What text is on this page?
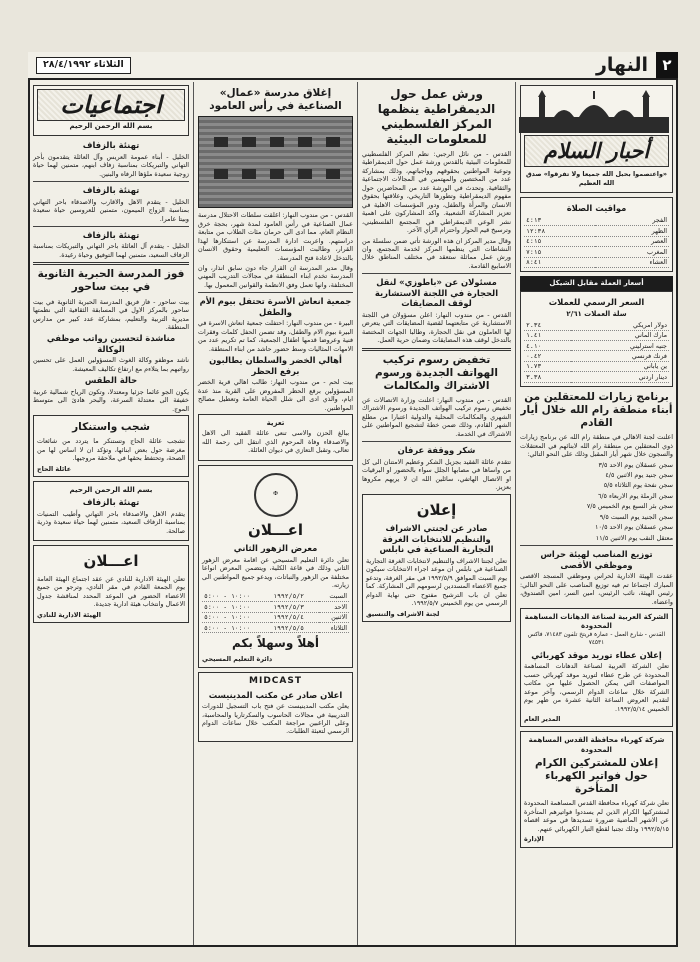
٢
النهار
الثلاثاء ٢٨/٤/١٩٩٢
أحبار السلام

«واعتصموا بحبل الله جميعا ولا تفرقوا» صدق الله العظيم

مواقيت الصلاة
الفجر	٤:١٣
الظهر	١٢:٣٨
العصر	٤:١٥
المغرب	٧:١٥
العشاء	٨:٤١
أسعار العملة مقابل الشيكل
السعر الرسمي للعملات
سلة العملات ٢/٦١
دولار امريكي	٢.٣٤
مارك الماني	١.٤١
جنيه استرليني	٤.١٠
فرنك فرنسي	٠.٤٢
ين ياباني	١.٧٣
دينار اردني	٣.٣٨
برنامج زيارات للمعتقلين من أبناء منطقة رام الله خلال أيار القادم

اعلنت لجنة الاهالي في منطقة رام الله عن برنامج زيارات ذوي المعتقلين من منطقة رام الله لابنائهم في المعتقلات والسجون خلال شهر أيار المقبل وذلك على النحو التالي:

سجن عسقلان يوم الاحد ٣/٥

سجن جنيد يوم الاثنين ٤/٥

سجن نفحة يوم الثلاثاء ٥/٥

سجن الرملة يوم الاربعاء ٦/٥

سجن بئر السبع يوم الخميس ٧/٥

سجن الجنيد يوم السبت ٩/٥

سجن عسقلان يوم الاحد ١٠/٥

معتقل النقب يوم الاثنين ١١/٥

توزيع المناصب لهيئة حراس وموظفي الأقصى

عقدت الهيئة الادارية لحراس وموظفي المسجد الاقصى المبارك اجتماعا تم فيه توزيع المناصب على النحو التالي: رئيس الهيئة، نائب الرئيس، امين السر، امين الصندوق، واعضاء.

الشركة العربية لصناعة الدهانات المساهمة المحدودة

القدس - شارع العمل - عمارة فريتخ تلفون ٧١٤٨٣، فاكس ٧٤٥٣١

إعلان عطاء توريد موقد كهربائي

تعلن الشركة العربية لصناعة الدهانات المساهمة المحدودة عن طرح عطاء لتوريد موقد كهربائي حسب المواصفات التي يمكن الحصول عليها من مكاتب الشركة خلال ساعات الدوام الرسمي، وآخر موعد لتقديم العروض الساعة الثانية عشرة من ظهر يوم الخميس ١٩٩٢/٥/١٤.

المدير العام
شركة كهرباء محافظة القدس المساهمة المحدودة
إعلان للمشتركين الكرام حول فواتير الكهرباء المتأخرة

تعلن شركة كهرباء محافظة القدس المساهمة المحدودة لمشتركيها الكرام الذين لم يسددوا فواتيرهم المتأخرة عن الاشهر الماضية ضرورة تسديدها في موعد اقصاه ١٩٩٢/٥/١٥ وذلك تجنبا لقطع التيار الكهربائي عنهم.

الإدارة
ورش عمل حول الديمقراطية ينظمها المركز الفلسطيني للمعلومات البيئية

القدس - من نائل الرجبي: نظم المركز الفلسطيني للمعلومات البيئية بالقدس ورشة عمل حول الديمقراطية وتوعية المواطنين بحقوقهم وواجباتهم، وذلك بمشاركة عدد من المختصين والمهتمين في المجالات الاجتماعية والثقافية. وتحدث في الورشة عدد من المحاضرين حول مفهوم الديمقراطية وتطورها التاريخي، وعلاقتها بحقوق الانسان والمرأة والطفل، ودور المؤسسات الاهلية في تعزيز المشاركة الشعبية. واكد المشاركون على اهمية نشر الوعي الديمقراطي في المجتمع الفلسطيني، وترسيخ قيم الحوار واحترام الرأي الآخر.

وقال مدير المركز ان هذه الورشة تأتي ضمن سلسلة من النشاطات التي ينظمها المركز لخدمة المجتمع، وان ورش عمل مماثلة ستعقد في مختلف المناطق خلال الاسابيع القادمة.

مسئولان عن «باطوزي» لنقل الحجارة في اللجنة الاستشارية لوقف المضايقات

القدس - من مندوب النهار: اعلن مسؤولان في اللجنة الاستشارية عن متابعتهما لقضية المضايقات التي يتعرض لها العاملون في نقل الحجارة، وطالبا الجهات المختصة بالتدخل لوقف هذه المضايقات وضمان حرية العمل.

تخفيض رسوم تركيب الهواتف الجديدة ورسوم الاشتراك والمكالمات

القدس - من مندوب النهار: اعلنت وزارة الاتصالات عن تخفيض رسوم تركيب الهواتف الجديدة ورسوم الاشتراك الشهري والمكالمات المحلية والدولية اعتبارا من مطلع الشهر القادم، وذلك ضمن خطة لتشجيع المواطنين على الاشتراك في الخدمة.

شكر ووقفة عرفان

تتقدم عائلة الفقيد بجزيل الشكر وعظيم الامتنان الى كل من واساها في مصابها الجلل سواء بالحضور او البرقيات او الاتصال الهاتفي، سائلين الله ان لا يريهم مكروها بعزيز.

إعلان
صادر عن لجنتي الاشراف والتنظيم للانتخابات الغرفة التجارية الصناعية في نابلس

تعلن لجنتا الاشراف والتنظيم لانتخابات الغرفة التجارية الصناعية في نابلس ان موعد اجراء الانتخابات سيكون يوم السبت الموافق ١٩٩٢/٥/٩ في مقر الغرفة، وتدعو جميع الاعضاء المسددين لرسومهم الى المشاركة. كما تعلن ان باب الترشيح مفتوح حتى نهاية الدوام الرسمي من يوم الخميس ١٩٩٢/٥/٧.

لجنة الاشراف والتنسيق
إغلاق مدرسة «عمال» الصناعية في رأس العامود

القدس - من مندوب النهار: اغلقت سلطات الاحتلال مدرسة عمال الصناعية في رأس العامود لمدة شهر، بحجة خرق النظام العام، مما ادى الى حرمان مئات الطلاب من متابعة دراستهم. واعربت ادارة المدرسة عن استنكارها لهذا القرار، وطالبت المؤسسات التعليمية وحقوق الانسان بالتدخل لاعادة فتح المدرسة.

وقال مدير المدرسة ان القرار جاء دون سابق انذار، وان المدرسة تخدم ابناء المنطقة في مجالات التدريب المهني المختلفة، وانها تعمل وفق الانظمة والقوانين المعمول بها.

جمعية انعاش الأسرة تحتفل بيوم الأم والطفل

البيرة - من مندوب النهار: احتفلت جمعية انعاش الاسرة في البيرة بيوم الام والطفل، وقد تضمن الحفل كلمات وفقرات فنية وعروضا قدمها اطفال الجمعية، كما تم تكريم عدد من الامهات المثاليات وسط حضور حاشد من ابناء المنطقة.

أهالي الخضر والسلطان يطالبون برفع الحظر

بيت لحم - من مندوب النهار: طالب اهالي قرية الخضر المسؤولين برفع الحظر المفروض على القرية منذ عدة ايام، والذي ادى الى شلل الحياة العامة وتعطيل مصالح المواطنين.

تعزية

ببالغ الحزن والاسى تنعى عائلة الفقيد الى الاهل والاصدقاء وفاة المرحوم الذي انتقل الى رحمة الله تعالى، وتقبل التعازي في ديوان العائلة.

✠
اعـــلان
معرض الزهور الثاني

تعلن دائرة التعليم المسيحي عن اقامة معرض الزهور الثاني وذلك في قاعة الكلية، ويتضمن المعرض انواعا مختلفة من الزهور والنباتات، ويدعو جميع المواطنين الى زيارته.

السبت	١٩٩٢/٥/٢	١٠:٠٠ - ٥:٠٠
الاحد	١٩٩٢/٥/٣	١٠:٠٠ - ٥:٠٠
الاثنين	١٩٩٢/٥/٤	١٠:٠٠ - ٥:٠٠
الثلاثاء	١٩٩٢/٥/٥	١٠:٠٠ - ٥:٠٠
أهلاً وسهلاً بكم
دائرة التعليم المسيحي
MIDCAST
اعلان صادر عن مكتب المدينيست

يعلن مكتب المدينيست عن فتح باب التسجيل للدورات التدريبية في مجالات الحاسوب والسكرتاريا والمحاسبة، وعلى الراغبين مراجعة المكتب خلال ساعات الدوام الرسمي لتعبئة الطلبات.

اجتماعيات
بسم الله الرحمن الرحيم
تهنئة بالزفاف

الخليل - أبناء عمومة العريس وآل العائلة يتقدمون بأحر التهاني والتبريكات بمناسبة زفاف ابنهم، متمنين لهما حياة زوجية سعيدة ملؤها الرفاه والبنين.

تهنئة بالزفاف

الخليل - يتقدم الاهل والاقارب والاصدقاء باحر التهاني بمناسبة الزواج الميمون، متمنين للعروسين حياة سعيدة وبيتا عامرا.

تهنئة بالزفاف

الخليل - يتقدم آل العائلة باحر التهاني والتبريكات بمناسبة الزفاف السعيد، متمنين لهما التوفيق وحياة رغيدة.

فوز المدرسة الحبرية الثانوية في بيت ساحور

بيت ساحور - فاز فريق المدرسة الحبرية الثانوية في بيت ساحور بالمركز الاول في المسابقة الثقافية التي نظمتها مديرية التربية والتعليم، بمشاركة عدد كبير من مدارس المنطقة.

مناشدة لتحسين رواتب موظفي الوكالة

ناشد موظفو وكالة الغوث المسؤولين العمل على تحسين رواتبهم بما يتلاءم مع ارتفاع تكاليف المعيشة.

حالة الطقس

يكون الجو غائما جزئيا ومعتدلا، وتكون الرياح شمالية غربية خفيفة الى معتدلة السرعة، والبحر هادئ الى متوسط الموج.

شجب واستنكار

تشجب عائلة الحاج وتستنكر ما يتردد من شائعات مغرضة حول بعض ابنائها، وتؤكد ان لا اساس لها من الصحة، وتحتفظ بحقها في ملاحقة مروجيها.

عائلة الحاج
بسم الله الرحمن الرحيم
تهنئة بالزفاف

يتقدم الاهل والاصدقاء باحر التهاني وأطيب التمنيات بمناسبة الزفاف السعيد، متمنين لهما حياة سعيدة وذرية صالحة.

اعـــلان

تعلن الهيئة الادارية للنادي عن عقد اجتماع الهيئة العامة يوم الجمعة القادم في مقر النادي، وترجو من جميع الاعضاء الحضور في الموعد المحدد لمناقشة جدول الاعمال وانتخاب هيئة ادارية جديدة.

الهيئة الادارية للنادي
